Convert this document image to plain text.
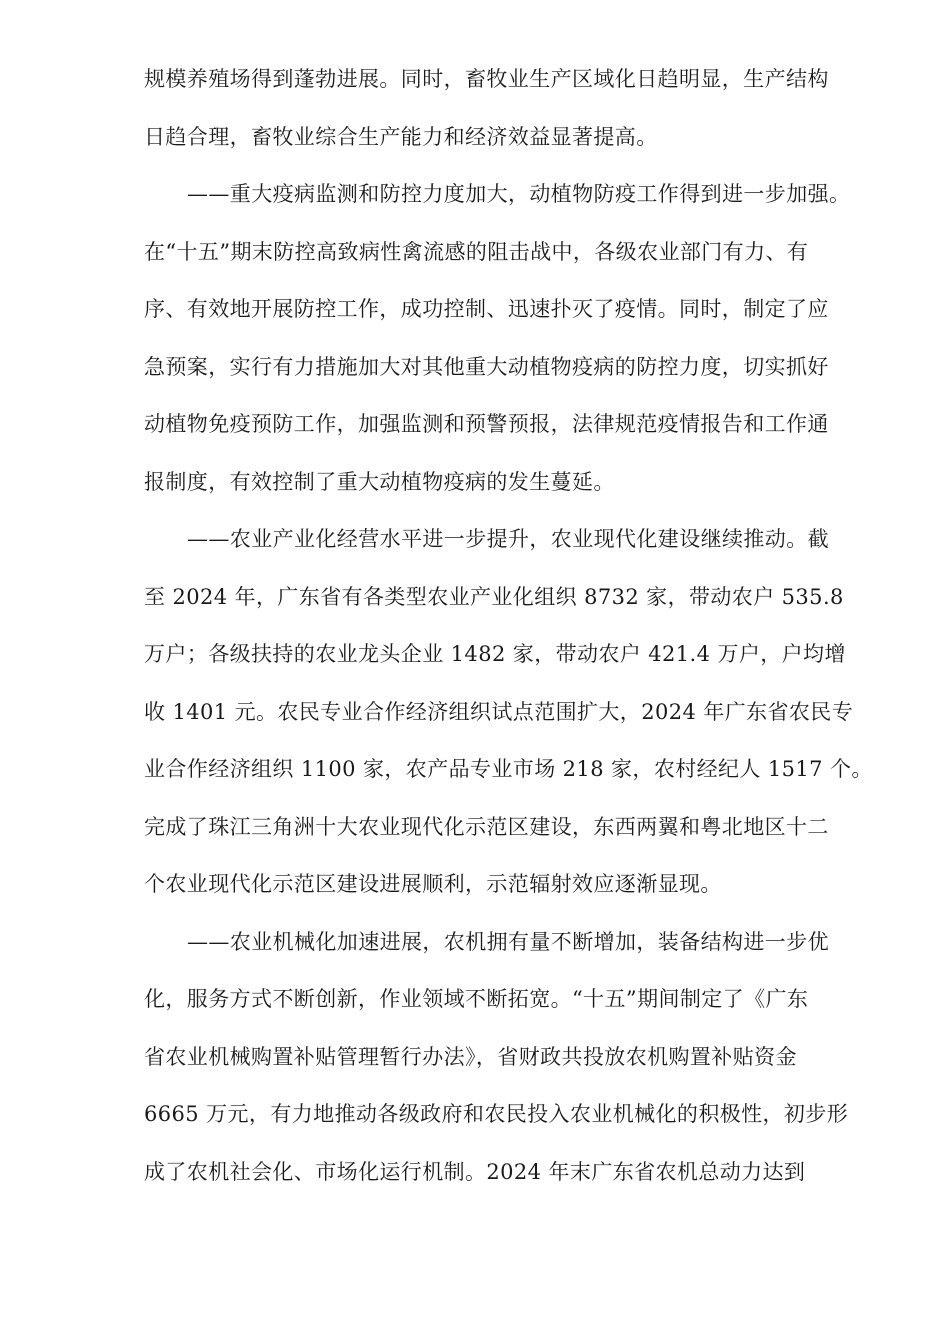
规模养殖场得到蓬勃进展。同时，畜牧业生产区域化日趋明显，生产结构
日趋合理，畜牧业综合生产能力和经济效益显著提高。
——重大疫病监测和防控力度加大，动植物防疫工作得到进一步加强。
在“十五”期末防控高致病性禽流感的阻击战中，各级农业部门有力、有
序、有效地开展防控工作，成功控制、迅速扑灭了疫情。同时，制定了应
急预案，实行有力措施加大对其他重大动植物疫病的防控力度，切实抓好
动植物免疫预防工作，加强监测和预警预报，法律规范疫情报告和工作通
报制度，有效控制了重大动植物疫病的发生蔓延。
——农业产业化经营水平进一步提升，农业现代化建设继续推动。截
至 2024 年，广东省有各类型农业产业化组织 8732 家，带动农户 535.8
万户；各级扶持的农业龙头企业 1482 家，带动农户 421.4 万户，户均增
收 1401 元。农民专业合作经济组织试点范围扩大，2024 年广东省农民专
业合作经济组织 1100 家，农产品专业市场 218 家，农村经纪人 1517 个。
完成了珠江三角洲十大农业现代化示范区建设，东西两翼和粤北地区十二
个农业现代化示范区建设进展顺利，示范辐射效应逐渐显现。
——农业机械化加速进展，农机拥有量不断增加，装备结构进一步优
化，服务方式不断创新，作业领域不断拓宽。“十五”期间制定了《广东
省农业机械购置补贴管理暂行办法》，省财政共投放农机购置补贴资金
6665 万元，有力地推动各级政府和农民投入农业机械化的积极性，初步形
成了农机社会化、市场化运行机制。2024 年末广东省农机总动力达到
